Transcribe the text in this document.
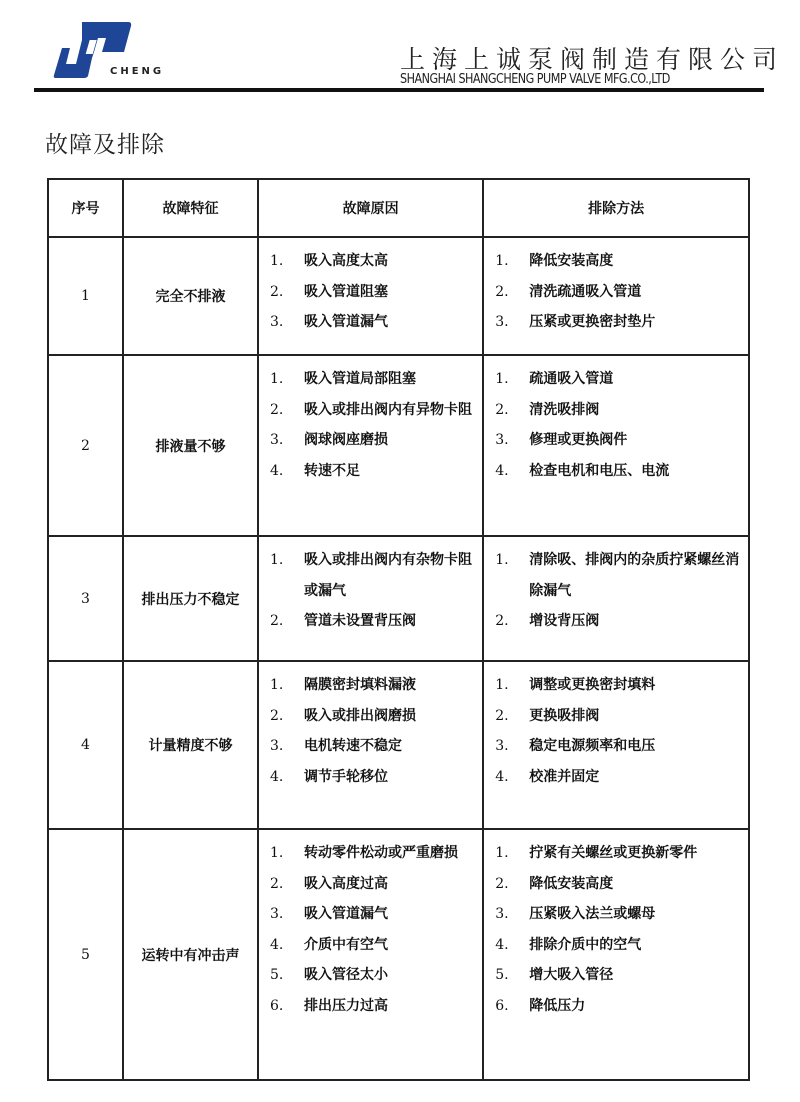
CHENG	上海上诚泵阀制造有限公司
SHANGHAI SHANGCHENG PUMP VALVE MFG.CO.,LTD
故障及排除
序号	故障特征	故障原因	排除方法
1	完全不排液	
1.	吸入高度太高
2.	吸入管道阻塞
3.	吸入管道漏气

1.	降低安装高度
2.	清洗疏通吸入管道
3.	压紧或更换密封垫片

2	排液量不够	
1.	吸入管道局部阻塞
2.	吸入或排出阀内有异物卡阻
3.	阀球阀座磨损
4.	转速不足

1.	疏通吸入管道
2.	清洗吸排阀
3.	修理或更换阀件
4.	检查电机和电压、电流

3	排出压力不稳定	
1.	吸入或排出阀内有杂物卡阻或漏气
2.	管道未设置背压阀

1.	清除吸、排阀内的杂质拧紧螺丝消除漏气
2.	增设背压阀

4	计量精度不够	
1.	隔膜密封填料漏液
2.	吸入或排出阀磨损
3.	电机转速不稳定
4.	调节手轮移位

1.	调整或更换密封填料
2.	更换吸排阀
3.	稳定电源频率和电压
4.	校准并固定

5	运转中有冲击声	
1.	转动零件松动或严重磨损
2.	吸入高度过高
3.	吸入管道漏气
4.	介质中有空气
5.	吸入管径太小
6.	排出压力过高

1.	拧紧有关螺丝或更换新零件
2.	降低安装高度
3.	压紧吸入法兰或螺母
4.	排除介质中的空气
5.	增大吸入管径
6.	降低压力
